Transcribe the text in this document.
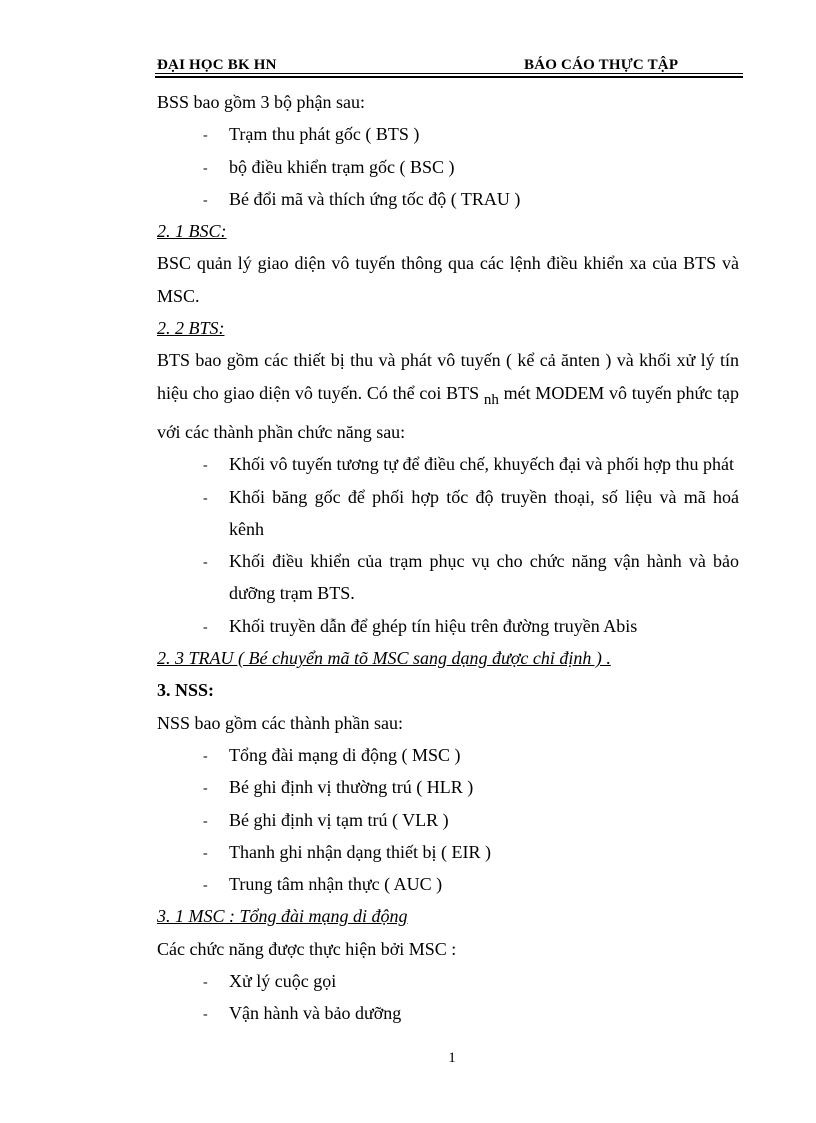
ĐẠI HỌC BK HN	BÁO CÁO THỰC TẬP

BSS bao gồm 3 bộ phận sau:

- Trạm thu phát gốc ( BTS )

- bộ điều khiển trạm gốc ( BSC )

- Bé đổi mã và thích ứng tốc độ ( TRAU )

2. 1 BSC:

BSC quản lý giao diện vô tuyến thông qua các lệnh điều khiển xa của BTS và MSC.

2. 2 BTS:

BTS bao gồm các thiết bị thu và phát vô tuyến ( kể cả ănten ) và khối xử lý tín hiệu cho giao diện vô tuyến. Có thể coi BTS $_{nh}$ mét MODEM vô tuyến phức tạp với các thành phần chức năng sau:

- Khối vô tuyến tương tự để điều chế, khuyếch đại và phối hợp thu phát

- Khối băng gốc để phối hợp tốc độ truyền thoại, số liệu và mã hoá kênh

- Khối điều khiển của trạm phục vụ cho chức năng vận hành và bảo dưỡng trạm BTS.

- Khối truyền dẫn để ghép tín hiệu trên đường truyền Abis

2. 3 TRAU ( Bé chuyển mã tõ MSC sang dạng được chỉ định ) .

3. NSS:

NSS bao gồm các thành phần sau:

- Tổng đài mạng di động ( MSC )

- Bé ghi định vị thường trú ( HLR )

- Bé ghi định vị tạm trú ( VLR )

- Thanh ghi nhận dạng thiết bị ( EIR )

- Trung tâm nhận thực ( AUC )

3. 1 MSC : Tổng đài mạng di động

Các chức năng được thực hiện bởi MSC :

- Xử lý cuộc gọi

- Vận hành và bảo dưỡng

1
